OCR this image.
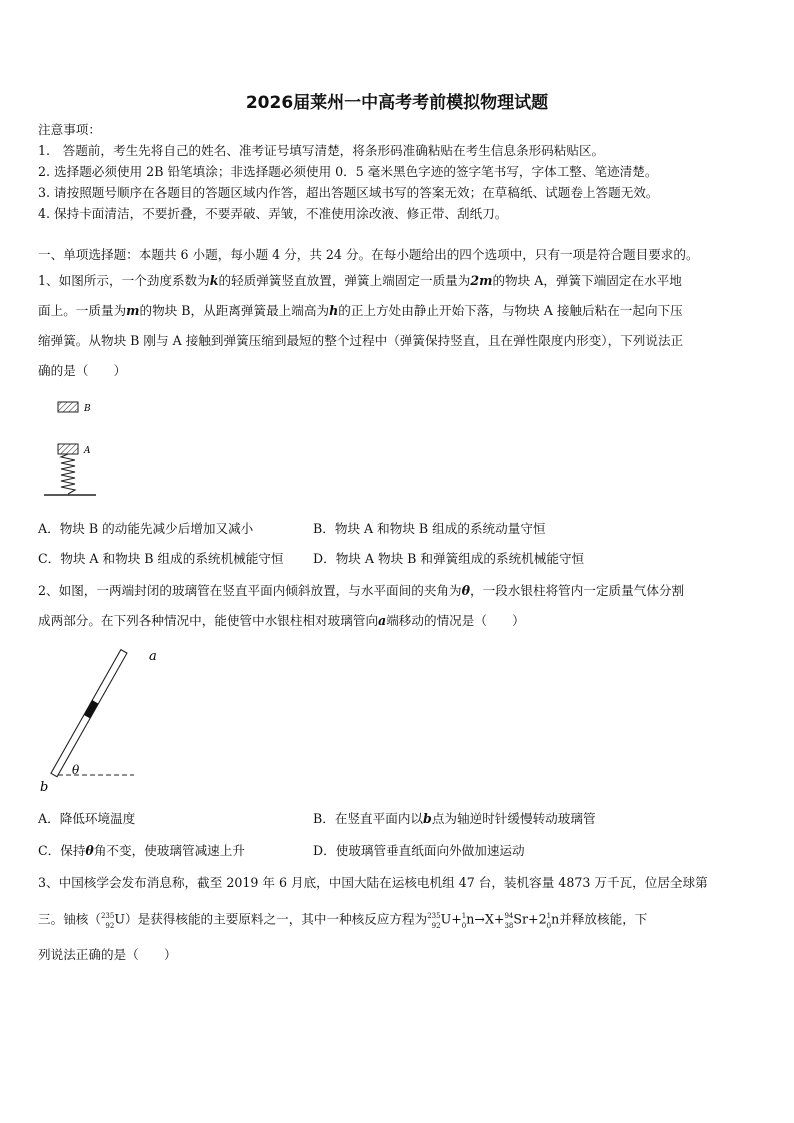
2026届莱州一中高考考前模拟物理试题
注意事项：
1.　答题前，考生先将自己的姓名、准考证号填写清楚，将条形码准确粘贴在考生信息条形码粘贴区。
2. 选择题必须使用 2B 铅笔填涂；非选择题必须使用 0．5 毫米黑色字迹的签字笔书写，字体工整、笔迹清楚。
3. 请按照题号顺序在各题目的答题区域内作答，超出答题区域书写的答案无效；在草稿纸、试题卷上答题无效。
4. 保持卡面清洁，不要折叠，不要弄破、弄皱，不准使用涂改液、修正带、刮纸刀。
一、单项选择题：本题共 6 小题，每小题 4 分，共 24 分。在每小题给出的四个选项中，只有一项是符合题目要求的。
1、如图所示，一个劲度系数为k的轻质弹簧竖直放置，弹簧上端固定一质量为2m的物块 A，弹簧下端固定在水平地
面上。一质量为m的物块 B，从距离弹簧最上端高为h的正上方处由静止开始下落，与物块 A 接触后粘在一起向下压
缩弹簧。从物块 B 刚与 A 接触到弹簧压缩到最短的整个过程中（弹簧保持竖直，且在弹性限度内形变），下列说法正
确的是（　　）
B
A
A．物块 B 的动能先减少后增加又减小	B．物块 A 和物块 B 组成的系统动量守恒
C．物块 A 和物块 B 组成的系统机械能守恒 D．物块 A 物块 B 和弹簧组成的系统机械能守恒
2、如图，一两端封闭的玻璃管在竖直平面内倾斜放置，与水平面间的夹角为θ，一段水银柱将管内一定质量气体分割
成两部分。在下列各种情况中，能使管中水银柱相对玻璃管向a端移动的情况是（　　）
a
b
θ
A．降低环境温度	B．在竖直平面内以b点为轴逆时针缓慢转动玻璃管
C．保持θ角不变，使玻璃管减速上升	D．使玻璃管垂直纸面向外做加速运动
3、中国核学会发布消息称，截至 2019 年 6 月底，中国大陆在运核电机组 47 台，装机容量 4873 万千瓦，位居全球第
三。铀核（235
92U）是获得核能的主要原料之一，其中一种核反应方程为235
92U+1
0n→X+94
38Sr+21
0n并释放核能，下
列说法正确的是（　　）
